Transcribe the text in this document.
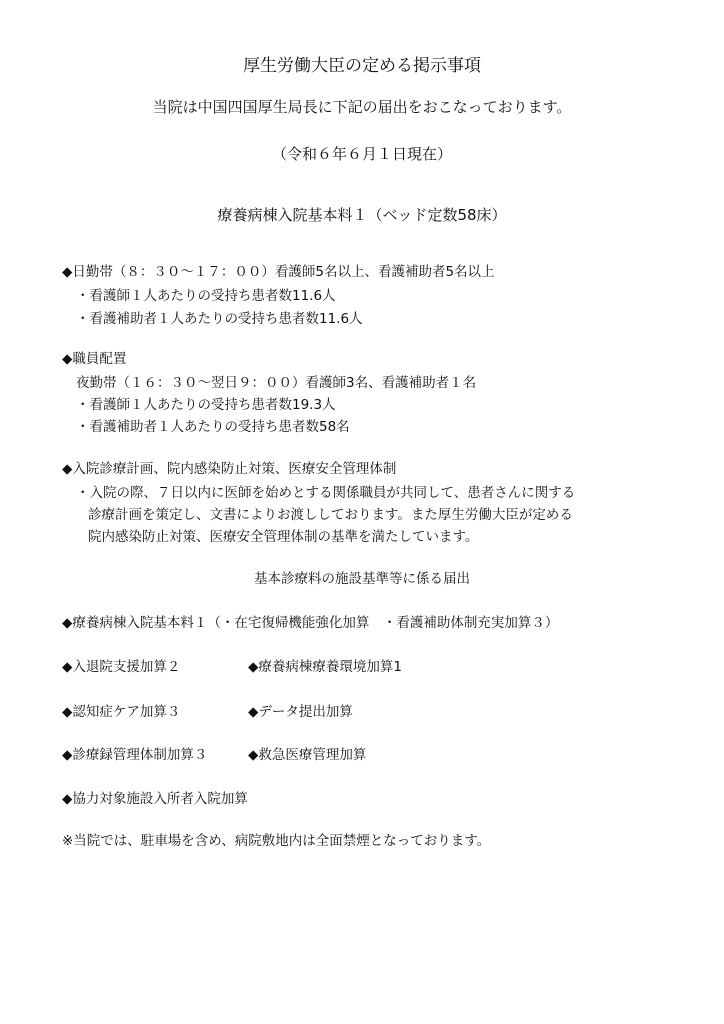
厚生労働大臣の定める掲示事項

当院は中国四国厚生局長に下記の届出をおこなっております。

（令和６年６月１日現在）

療養病棟入院基本料１（ベッド定数58床）

◆日勤帯（８：３０～１７：００）看護師5名以上、看護補助者5名以上

・看護師１人あたりの受持ち患者数11.6人

・看護補助者１人あたりの受持ち患者数11.6人

◆職員配置

夜勤帯（１６：３０～翌日９：００）看護師3名、看護補助者１名

・看護師１人あたりの受持ち患者数19.3人

・看護補助者１人あたりの受持ち患者数58名

◆入院診療計画、院内感染防止対策、医療安全管理体制

・入院の際、７日以内に医師を始めとする関係職員が共同して、患者さんに関する

診療計画を策定し、文書によりお渡ししております。また厚生労働大臣が定める

院内感染防止対策、医療安全管理体制の基準を満たしています。

基本診療料の施設基準等に係る届出

◆療養病棟入院基本料１（・在宅復帰機能強化加算　・看護補助体制充実加算３）

◆入退院支援加算２	◆療養病棟療養環境加算1

◆認知症ケア加算３	◆データ提出加算

◆診療録管理体制加算３	◆救急医療管理加算

◆協力対象施設入所者入院加算

※当院では、駐車場を含め、病院敷地内は全面禁煙となっております。
